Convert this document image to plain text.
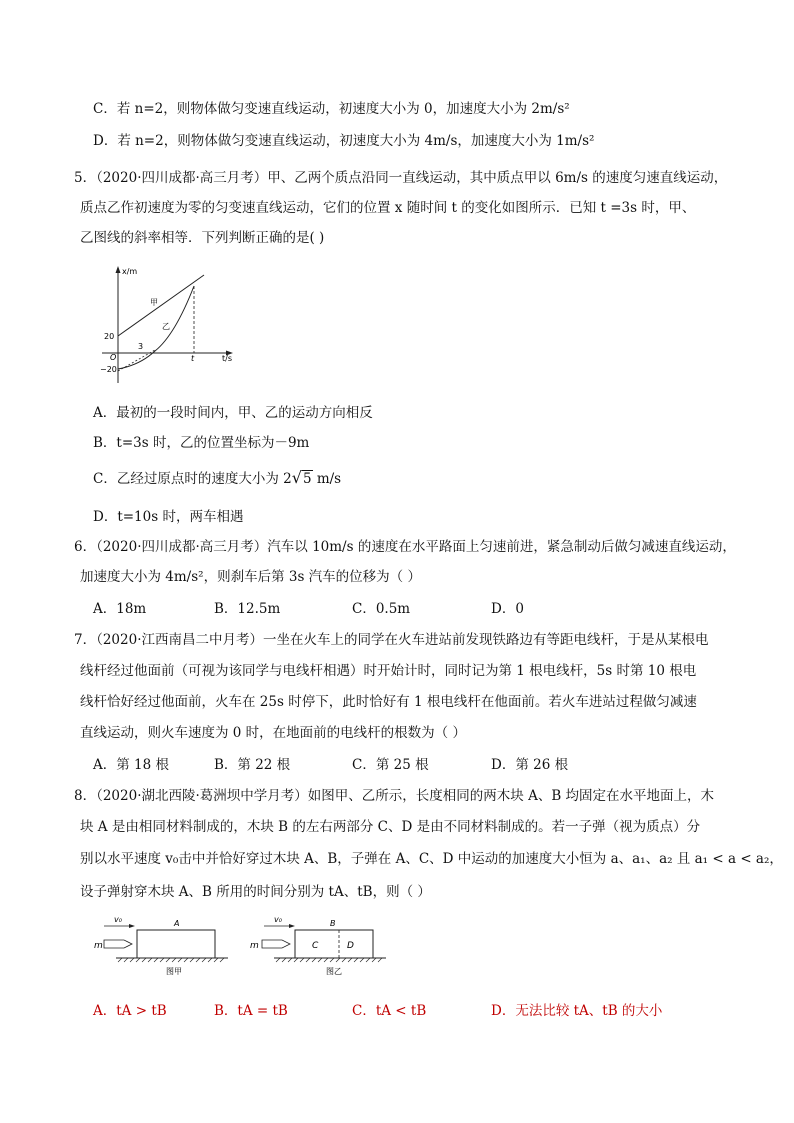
C．若 n=2，则物体做匀变速直线运动，初速度大小为 0，加速度大小为 2m/s²
D．若 n=2，则物体做匀变速直线运动，初速度大小为 4m/s，加速度大小为 1m/s²
5．（2020·四川成都·高三月考）甲、乙两个质点沿同一直线运动，其中质点甲以 6m/s 的速度匀速直线运动，
质点乙作初速度为零的匀变速直线运动，它们的位置 x 随时间 t 的变化如图所示．已知 t =3s 时，甲、
乙图线的斜率相等．下列判断正确的是( )
x/m
t/s
O
20
−20
甲
乙
3
t
A．最初的一段时间内，甲、乙的运动方向相反
B．t=3s 时，乙的位置坐标为－9m
C．乙经过原点时的速度大小为 2√5 m/s
D．t=10s 时，两车相遇
6．（2020·四川成都·高三月考）汽车以 10m/s 的速度在水平路面上匀速前进，紧急制动后做匀减速直线运动，
加速度大小为 4m/s²，则刹车后第 3s 汽车的位移为（ ）
A．18m	B．12.5m	C．0.5m	D．0
7．（2020·江西南昌二中月考）一坐在火车上的同学在火车进站前发现铁路边有等距电线杆，于是从某根电
线杆经过他面前（可视为该同学与电线杆相遇）时开始计时，同时记为第 1 根电线杆，5s 时第 10 根电
线杆恰好经过他面前，火车在 25s 时停下，此时恰好有 1 根电线杆在他面前。若火车进站过程做匀减速
直线运动，则火车速度为 0 时，在地面前的电线杆的根数为（ ）
A．第 18 根	B．第 22 根	C．第 25 根	D．第 26 根
8．（2020·湖北西陵·葛洲坝中学月考）如图甲、乙所示，长度相同的两木块 A、B 均固定在水平地面上，木
块 A 是由相同材料制成的，木块 B 的左右两部分 C、D 是由不同材料制成的。若一子弹（视为质点）分
别以水平速度 v₀击中并恰好穿过木块 A、B，子弹在 A、C、D 中运动的加速度大小恒为 a、a₁、a₂ 且 a₁ < a < a₂，
设子弹射穿木块 A、B 所用的时间分别为 tA、tB，则（ ）
v₀
m
A
图甲
v₀
m
B
C	D
图乙
A．tA > tB	B．tA = tB	C．tA < tB	D．无法比较 tA、tB 的大小
